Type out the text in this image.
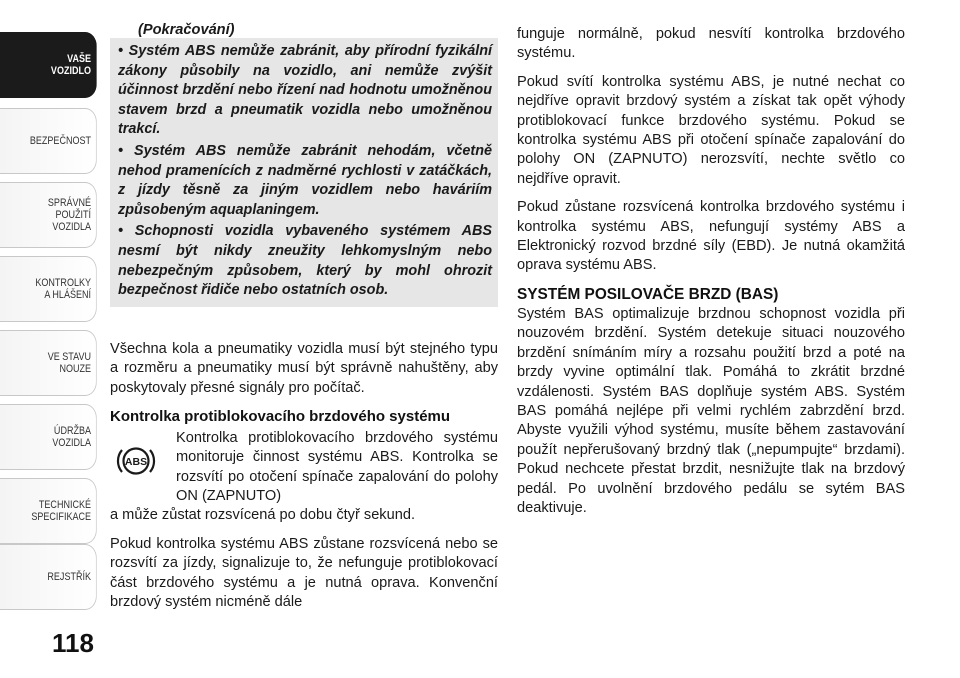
VAŠE
VOZIDLO
BEZPEČNOST
SPRÁVNÉ
POUŽITÍ
VOZIDLA
KONTROLKY
A HLÁŠENÍ
VE STAVU
NOUZE
ÚDRŽBA
VOZIDLA
TECHNICKÉ
SPECIFIKACE
REJSTŘÍK
118
(Pokračování)

• Systém ABS nemůže zabránit, aby přírodní fyzikální zákony působily na vozidlo, ani nemůže zvýšit účinnost brzdění nebo řízení nad hodnotu umožněnou stavem brzd a pneumatik vozidla nebo umožněnou trakcí.

• Systém ABS nemůže zabránit nehodám, včetně nehod pramenících z nadměrné rychlosti v zatáčkách, z jízdy těsně za jiným vozidlem nebo haváriím způsobeným aquaplaningem.

• Schopnosti vozidla vybaveného systémem ABS nesmí být nikdy zneužity lehkomyslným nebo nebezpečným způsobem, který by mohl ohrozit bezpečnost řidiče nebo ostatních osob.

Všechna kola a pneumatiky vozidla musí být stejného typu a rozměru a pneumatiky musí být správně nahuštěny, aby poskytovaly přesné signály pro počítač.

Kontrolka protiblokovacího brzdového systému

ABS

Kontrolka protiblokovacího brzdového systému monitoruje činnost systému ABS. Kontrolka se rozsvítí po otočení spínače zapalování do polohy ON (ZAPNUTO)

a může zůstat rozsvícená po dobu čtyř sekund.

Pokud kontrolka systému ABS zůstane rozsvícená nebo se rozsvítí za jízdy, signalizuje to, že nefunguje protiblokovací část brzdového systému a je nutná oprava. Konvenční brzdový systém nicméně dále

funguje normálně, pokud nesvítí kontrolka brzdového systému.

Pokud svítí kontrolka systému ABS, je nutné nechat co nejdříve opravit brzdový systém a získat tak opět výhody protiblokovací funkce brzdového systému. Pokud se kontrolka systému ABS při otočení spínače zapalování do polohy ON (ZAPNUTO) nerozsvítí, nechte světlo co nejdříve opravit.

Pokud zůstane rozsvícená kontrolka brzdového systému i kontrolka systému ABS, nefungují systémy ABS a Elektronický rozvod brzdné síly (EBD). Je nutná okamžitá oprava systému ABS.

SYSTÉM POSILOVAČE BRZD (BAS)

Systém BAS optimalizuje brzdnou schopnost vozidla při nouzovém brzdění. Systém detekuje situaci nouzového brzdění snímáním míry a rozsahu použití brzd a poté na brzdy vyvine optimální tlak. Pomáhá to zkrátit brzdné vzdálenosti. Systém BAS doplňuje systém ABS. Systém BAS pomáhá nejlépe při velmi rychlém zabrzdění brzd. Abyste využili výhod systému, musíte během zastavování použít nepřerušovaný brzdný tlak („nepumpujte“ brzdami). Pokud nechcete přestat brzdit, nesnižujte tlak na brzdový pedál. Po uvolnění brzdového pedálu se sytém BAS deaktivuje.
